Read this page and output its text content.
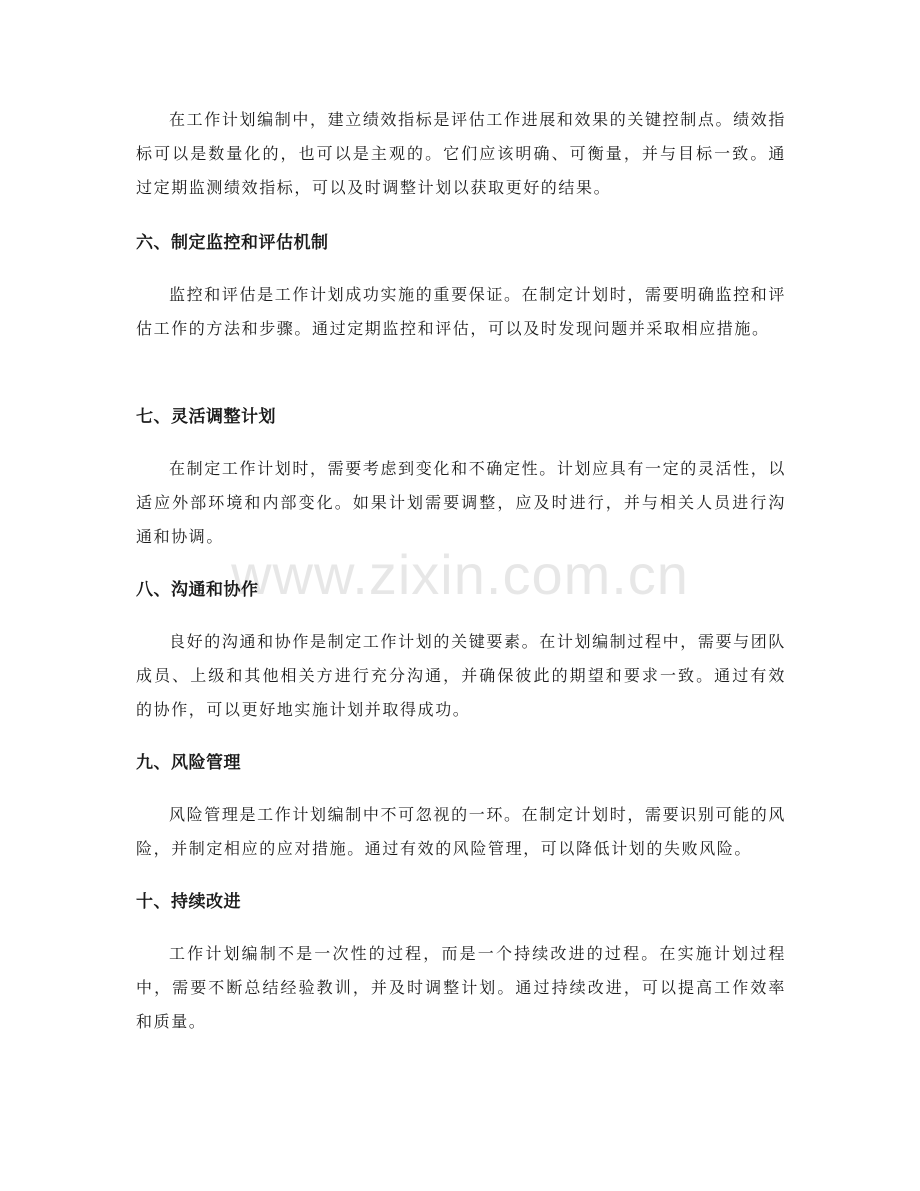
在工作计划编制中，建立绩效指标是评估工作进展和效果的关键控制点。绩效指标可以是数量化的，也可以是主观的。它们应该明确、可衡量，并与目标一致。通过定期监测绩效指标，可以及时调整计划以获取更好的结果。

六、制定监控和评估机制

监控和评估是工作计划成功实施的重要保证。在制定计划时，需要明确监控和评估工作的方法和步骤。通过定期监控和评估，可以及时发现问题并采取相应措施。

七、灵活调整计划

在制定工作计划时，需要考虑到变化和不确定性。计划应具有一定的灵活性，以适应外部环境和内部变化。如果计划需要调整，应及时进行，并与相关人员进行沟通和协调。

八、沟通和协作

良好的沟通和协作是制定工作计划的关键要素。在计划编制过程中，需要与团队成员、上级和其他相关方进行充分沟通，并确保彼此的期望和要求一致。通过有效的协作，可以更好地实施计划并取得成功。

九、风险管理

风险管理是工作计划编制中不可忽视的一环。在制定计划时，需要识别可能的风险，并制定相应的应对措施。通过有效的风险管理，可以降低计划的失败风险。

十、持续改进

工作计划编制不是一次性的过程，而是一个持续改进的过程。在实施计划过程中，需要不断总结经验教训，并及时调整计划。通过持续改进，可以提高工作效率和质量。

www.zixin.com.cn
